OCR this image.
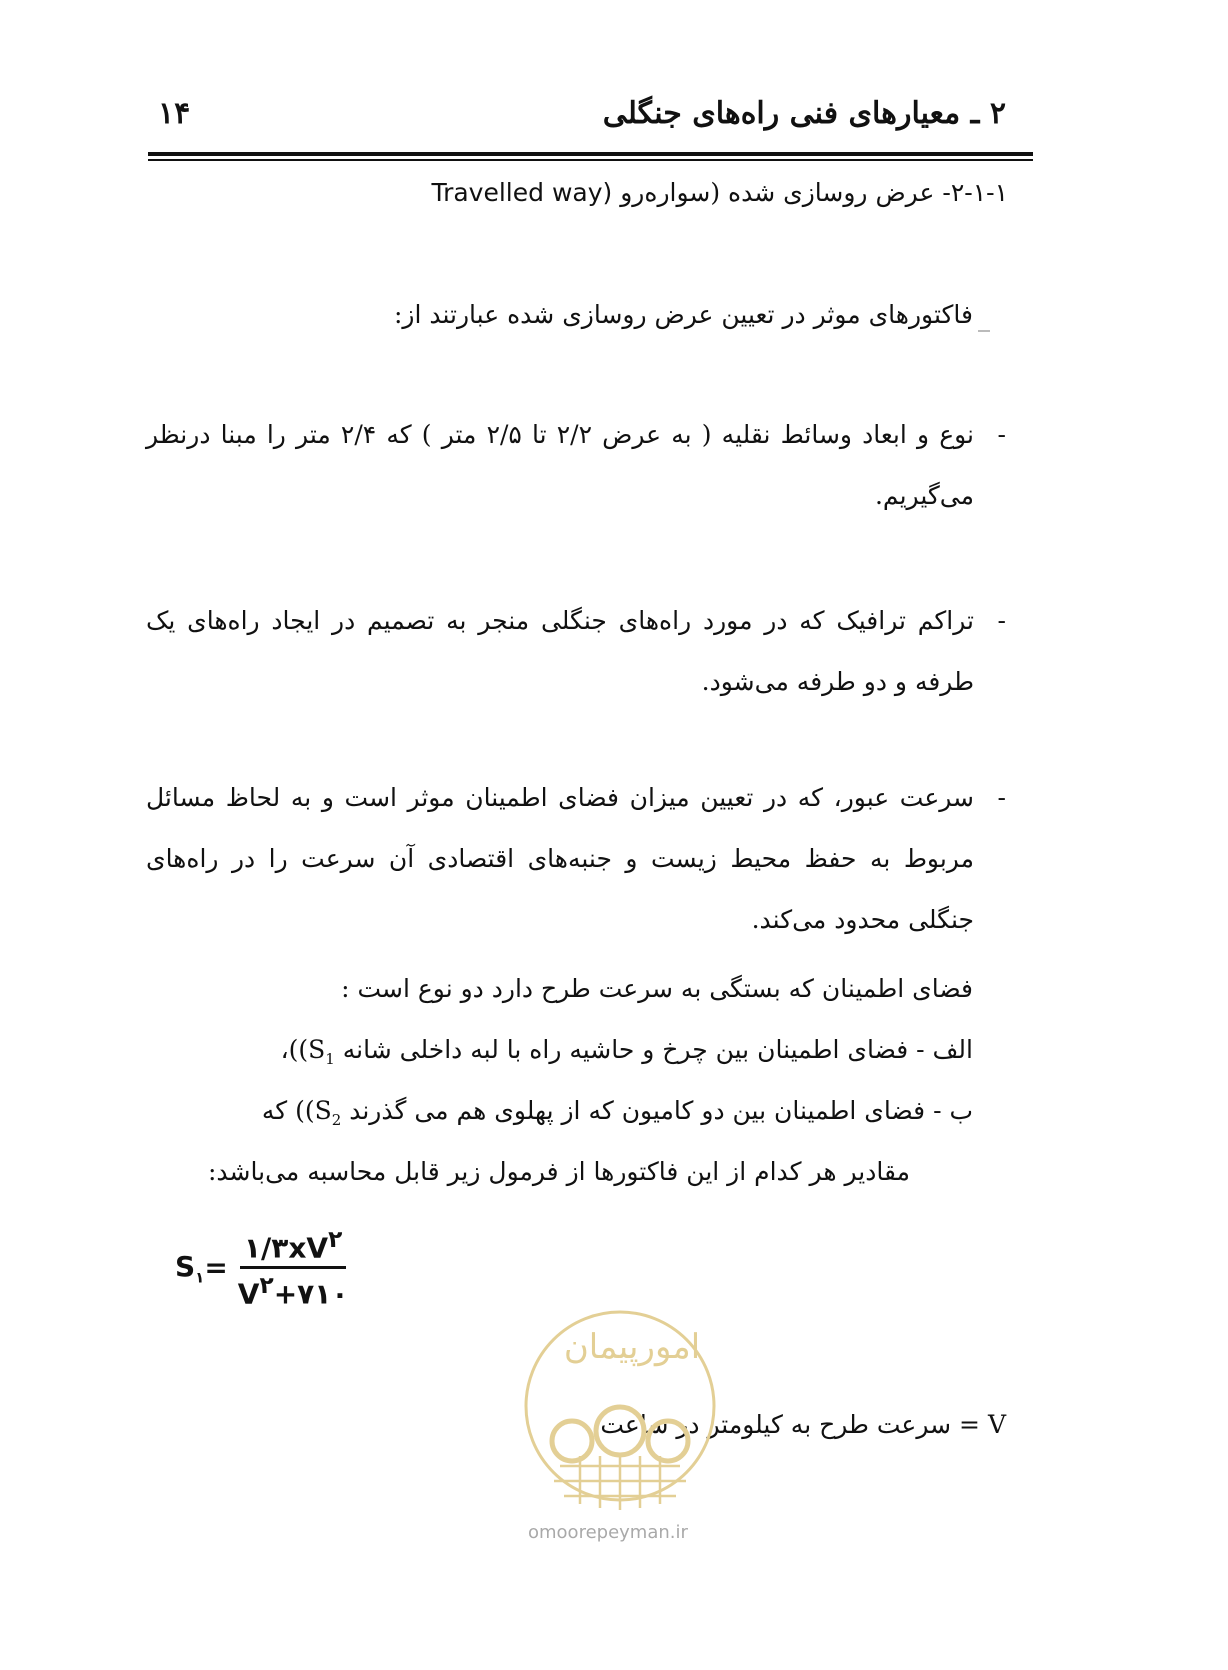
۲ ـ معیارهای فنی راه‌های جنگلی
۱۴
۲-۱-۱- عرض روسازی شده (سواره‌رو Travelled way)
فاکتورهای موثر در تعیین عرض روسازی شده عبارتند از:
-
نوع و ابعاد وسائط نقلیه ( به عرض ۲/۲ تا ۲/۵ متر ) که ۲/۴ متر را مبنا درنظر می‌گیریم.
-
تراکم ترافیک که در مورد راه‌های جنگلی منجر به تصمیم در ایجاد راه‌های یک طرفه و دو طرفه می‌شود.
-
سرعت عبور، که در تعیین میزان فضای اطمینان موثر است و به لحاظ مسائل مربوط به حفظ محیط زیست و جنبه‌های اقتصادی آن سرعت را در راه‌های جنگلی محدود می‌کند.
فضای اطمینان که بستگی به سرعت طرح دارد دو نوع است :
الف - فضای اطمینان بین چرخ و حاشیه راه با لبه داخلی شانه $(S_1)،$
ب - فضای اطمینان بین دو کامیون که از پهلوی هم می گذرند $(S_2)$ که
مقادیر هر کدام از این فاکتورها از فرمول زیر قابل محاسبه می‌باشد:
$S_۱ = \frac{۱/۳xV^۲}{V^۲+۷۱۰}$
V = سرعت طرح به کیلومتر در ساعت
امورپیمان
omoorepeyman.ir
